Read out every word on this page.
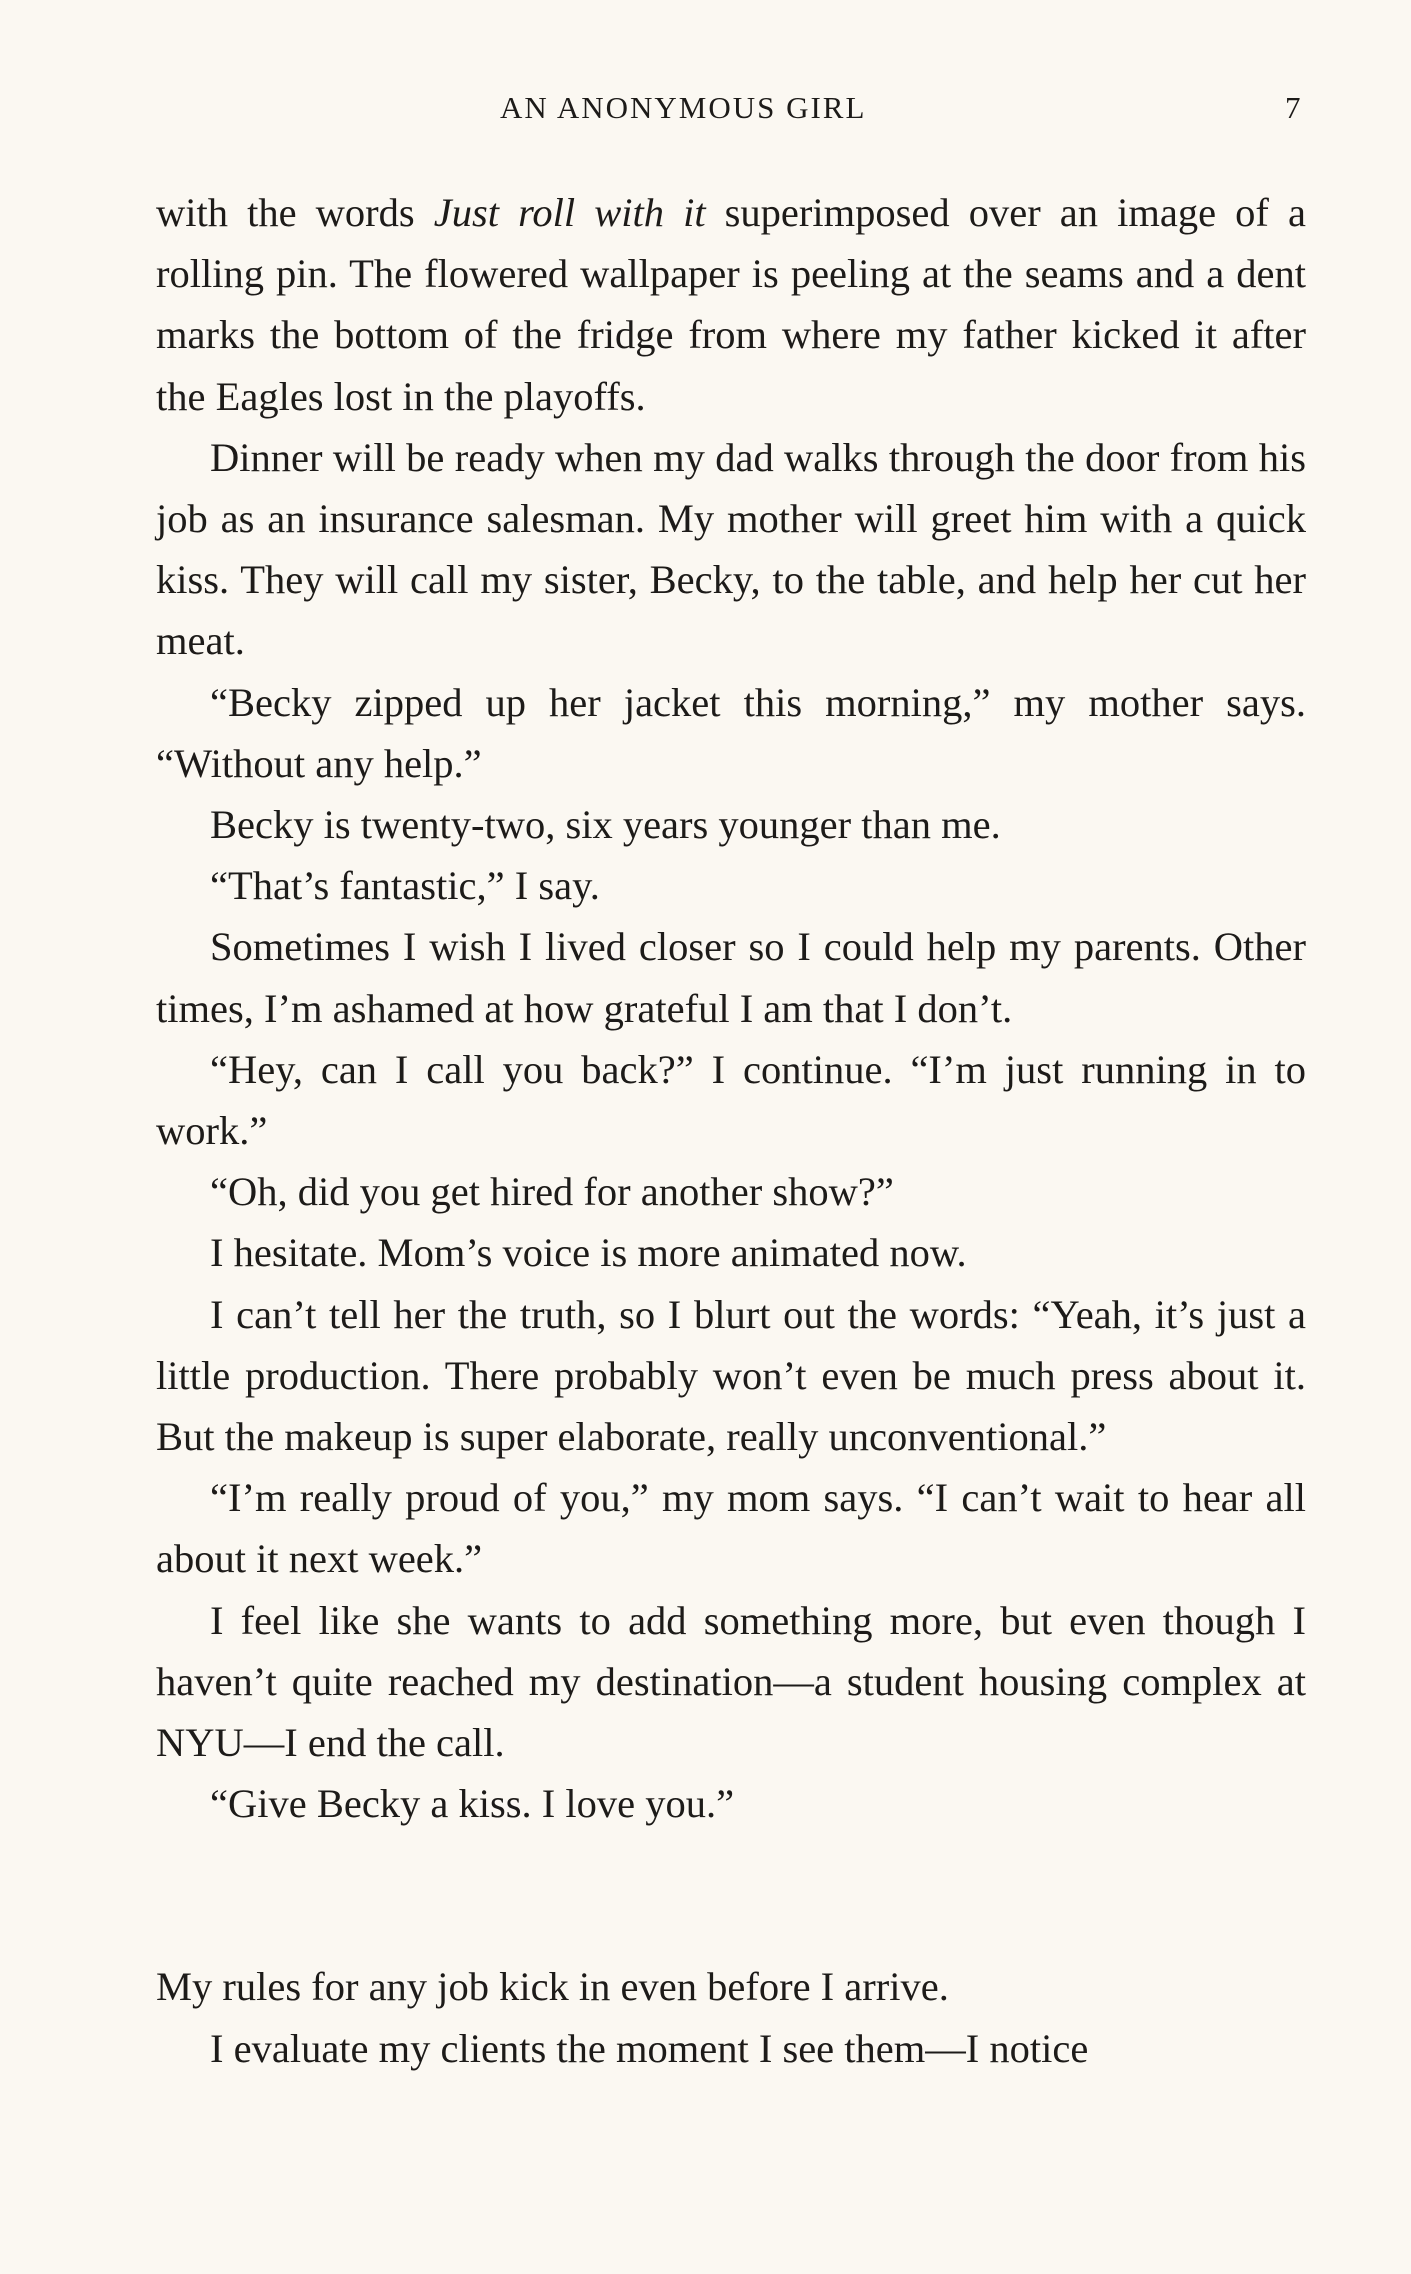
AN ANONYMOUS GIRL	7

with the words Just roll with it superimposed over an image of a rolling pin. The flowered wallpaper is peeling at the seams and a dent marks the bottom of the fridge from where my father kicked it after the Eagles lost in the playoffs.

Dinner will be ready when my dad walks through the door from his job as an insurance salesman. My mother will greet him with a quick kiss. They will call my sister, Becky, to the table, and help her cut her meat.

“Becky zipped up her jacket this morning,” my mother says. “Without any help.”

Becky is twenty-two, six years younger than me.

“That’s fantastic,” I say.

Sometimes I wish I lived closer so I could help my parents. Other times, I’m ashamed at how grateful I am that I don’t.

“Hey, can I call you back?” I continue. “I’m just running in to work.”

“Oh, did you get hired for another show?”

I hesitate. Mom’s voice is more animated now.

I can’t tell her the truth, so I blurt out the words: “Yeah, it’s just a little production. There probably won’t even be much press about it. But the makeup is super elaborate, really unconventional.”

“I’m really proud of you,” my mom says. “I can’t wait to hear all about it next week.”

I feel like she wants to add something more, but even though I haven’t quite reached my destination—a student housing complex at NYU—I end the call.

“Give Becky a kiss. I love you.”

My rules for any job kick in even before I arrive.

I evaluate my clients the moment I see them—I notice
